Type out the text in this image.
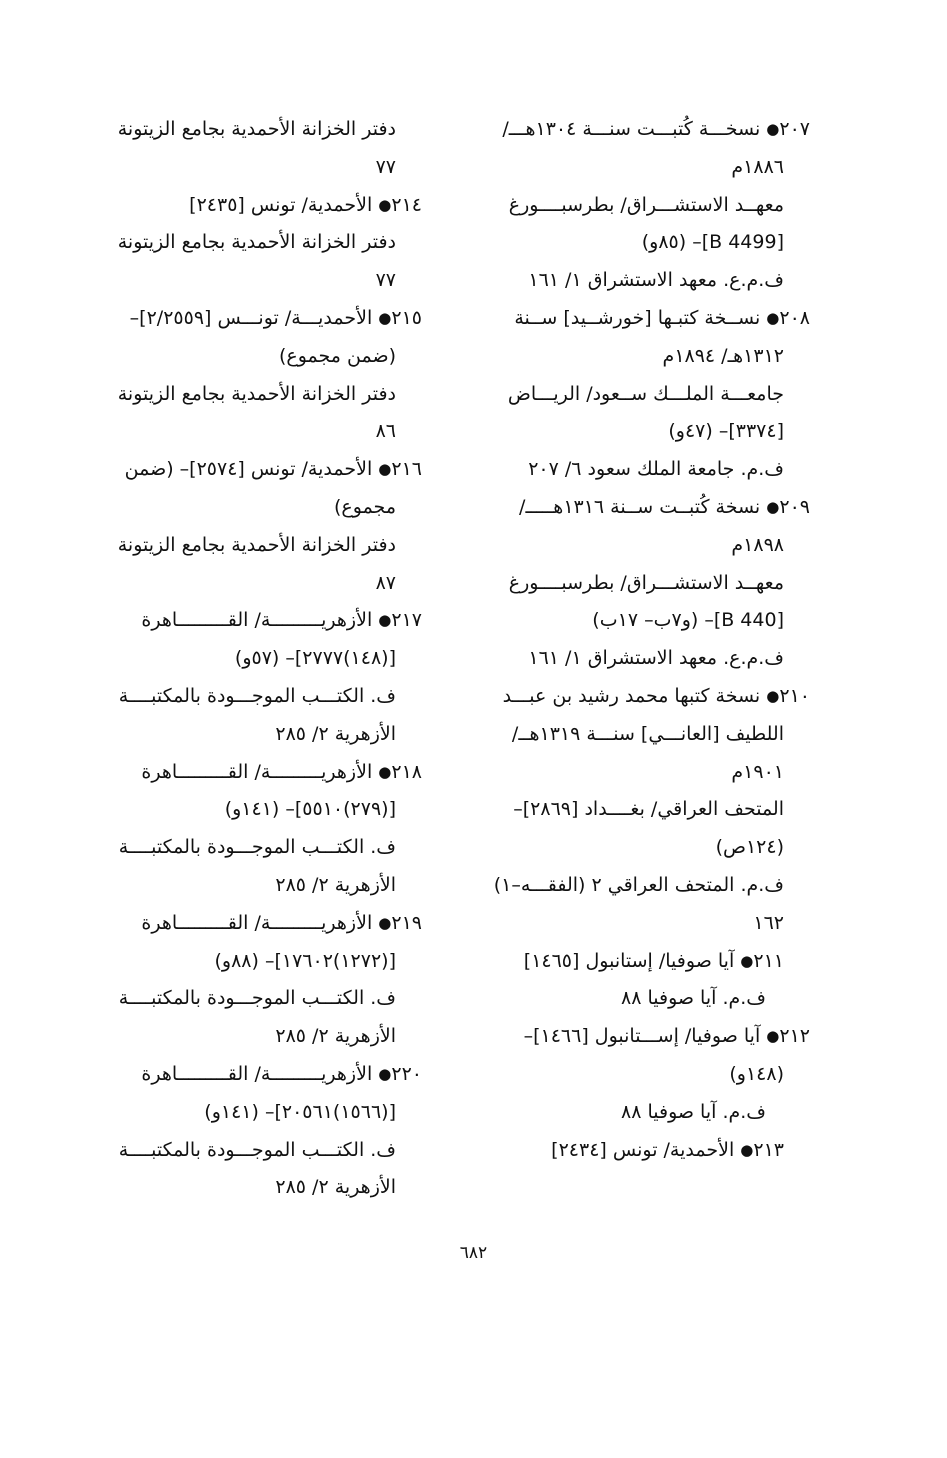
٢٠٧● نسخـــة كُتبـــت سنـــة ١٣٠٤هـــ/
١٨٨٦م
معهــد الاستشـــراق/ بطرسبــــورغ
[B 4499]– (٨٥و)
ف.م.ع. معهد الاستشراق ١/ ١٦١
٢٠٨● نســخة كتبـها [خورشــيد] ســنة
١٣١٢هـ/ ١٨٩٤م
جامعـــة الملـــك ســعود/ الريـــاض
[٣٣٧٤]– (٤٧و)
ف.م. جامعة الملك سعود ٦/ ٢٠٧
٢٠٩● نسخة كُتبــت ســنة ١٣١٦هـــــ/
١٨٩٨م
معهــد الاستشـــراق/ بطرسبــــورغ
[B 440]– (و٧ب– ١٧ب)
ف.م.ع. معهد الاستشراق ١/ ١٦١
٢١٠● نسخة كتبها محمد رشيد بن عبـــد
اللطيف [العانـــي] سنـــة ١٣١٩هــ/
١٩٠١م
المتحف العراقي/ بغــــداد [٢٨٦٩]–
(١٢٤ص)
ف.م. المتحف العراقي ٢ (الفقـــه–١)
١٦٢
٢١١● آيا صوفيا/ إستانبول [١٤٦٥]
ف.م. آيا صوفيا ٨٨
٢١٢● آيا صوفيا/ إســـتانبول [١٤٦٦]–
(١٤٨و)
ف.م. آيا صوفيا ٨٨
٢١٣● الأحمدية/ تونس [٢٤٣٤]
دفتر الخزانة الأحمدية بجامع الزيتونة
٧٧
٢١٤● الأحمدية/ تونس [٢٤٣٥]
دفتر الخزانة الأحمدية بجامع الزيتونة
٧٧
٢١٥● الأحمديـــة/ تونـــس [٢/٢٥٥٩]–
(ضمن مجموع)
دفتر الخزانة الأحمدية بجامع الزيتونة
٨٦
٢١٦● الأحمدية/ تونس [٢٥٧٤]– (ضمن
مجموع)
دفتر الخزانة الأحمدية بجامع الزيتونة
٨٧
٢١٧● الأزهريـــــــــة/ القـــــــــاهرة
[(١٤٨)٢٧٧٧]– (٥٧و)
ف. الكتـــب الموجـــودة بالمكتبــــة
الأزهرية ٢/ ٢٨٥
٢١٨● الأزهريـــــــــة/ القـــــــــاهرة
[(٢٧٩)٥٥١٠]– (١٤١و)
ف. الكتـــب الموجـــودة بالمكتبــــة
الأزهرية ٢/ ٢٨٥
٢١٩● الأزهريـــــــــة/ القـــــــــاهرة
[(١٢٧٢)١٧٦٠٢]– (٨٨و)
ف. الكتـــب الموجـــودة بالمكتبــــة
الأزهرية ٢/ ٢٨٥
٢٢٠● الأزهريـــــــــة/ القـــــــــاهرة
[(١٥٦٦)٢٠٥٦١]– (١٤١و)
ف. الكتـــب الموجـــودة بالمكتبــــة
الأزهرية ٢/ ٢٨٥
٦٨٢
